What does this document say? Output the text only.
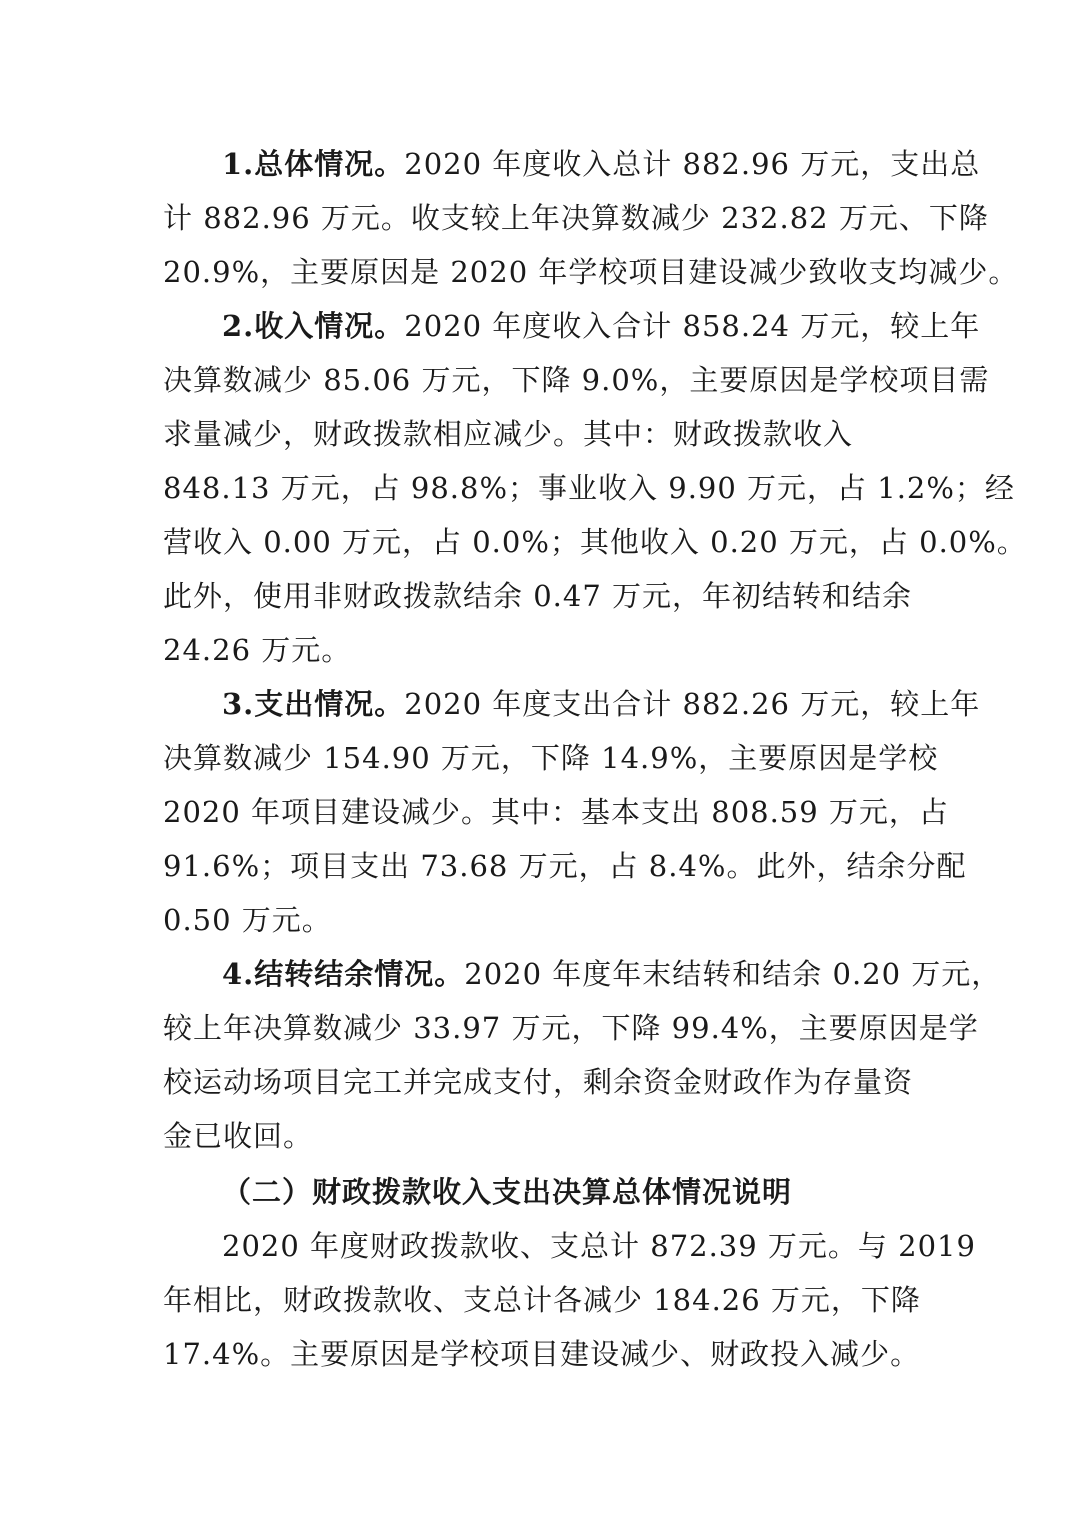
1.总体情况。2020 年度收入总计 882.96 万元，支出总
计 882.96 万元。收支较上年决算数减少 232.82 万元、下降
20.9%，主要原因是 2020 年学校项目建设减少致收支均减少。
2.收入情况。2020 年度收入合计 858.24 万元，较上年
决算数减少 85.06 万元，下降 9.0%，主要原因是学校项目需
求量减少，财政拨款相应减少。其中：财政拨款收入
848.13 万元，占 98.8%；事业收入 9.90 万元，占 1.2%；经
营收入 0.00 万元，占 0.0%；其他收入 0.20 万元，占 0.0%。
此外，使用非财政拨款结余 0.47 万元，年初结转和结余
24.26 万元。
3.支出情况。2020 年度支出合计 882.26 万元，较上年
决算数减少 154.90 万元，下降 14.9%，主要原因是学校
2020 年项目建设减少。其中：基本支出 808.59 万元，占
91.6%；项目支出 73.68 万元，占 8.4%。此外，结余分配
0.50 万元。
4.结转结余情况。2020 年度年末结转和结余 0.20 万元，
较上年决算数减少 33.97 万元，下降 99.4%，主要原因是学
校运动场项目完工并完成支付，剩余资金财政作为存量资
金已收回。
（二）财政拨款收入支出决算总体情况说明
2020 年度财政拨款收、支总计 872.39 万元。与 2019
年相比，财政拨款收、支总计各减少 184.26 万元，下降
17.4%。主要原因是学校项目建设减少、财政投入减少。
